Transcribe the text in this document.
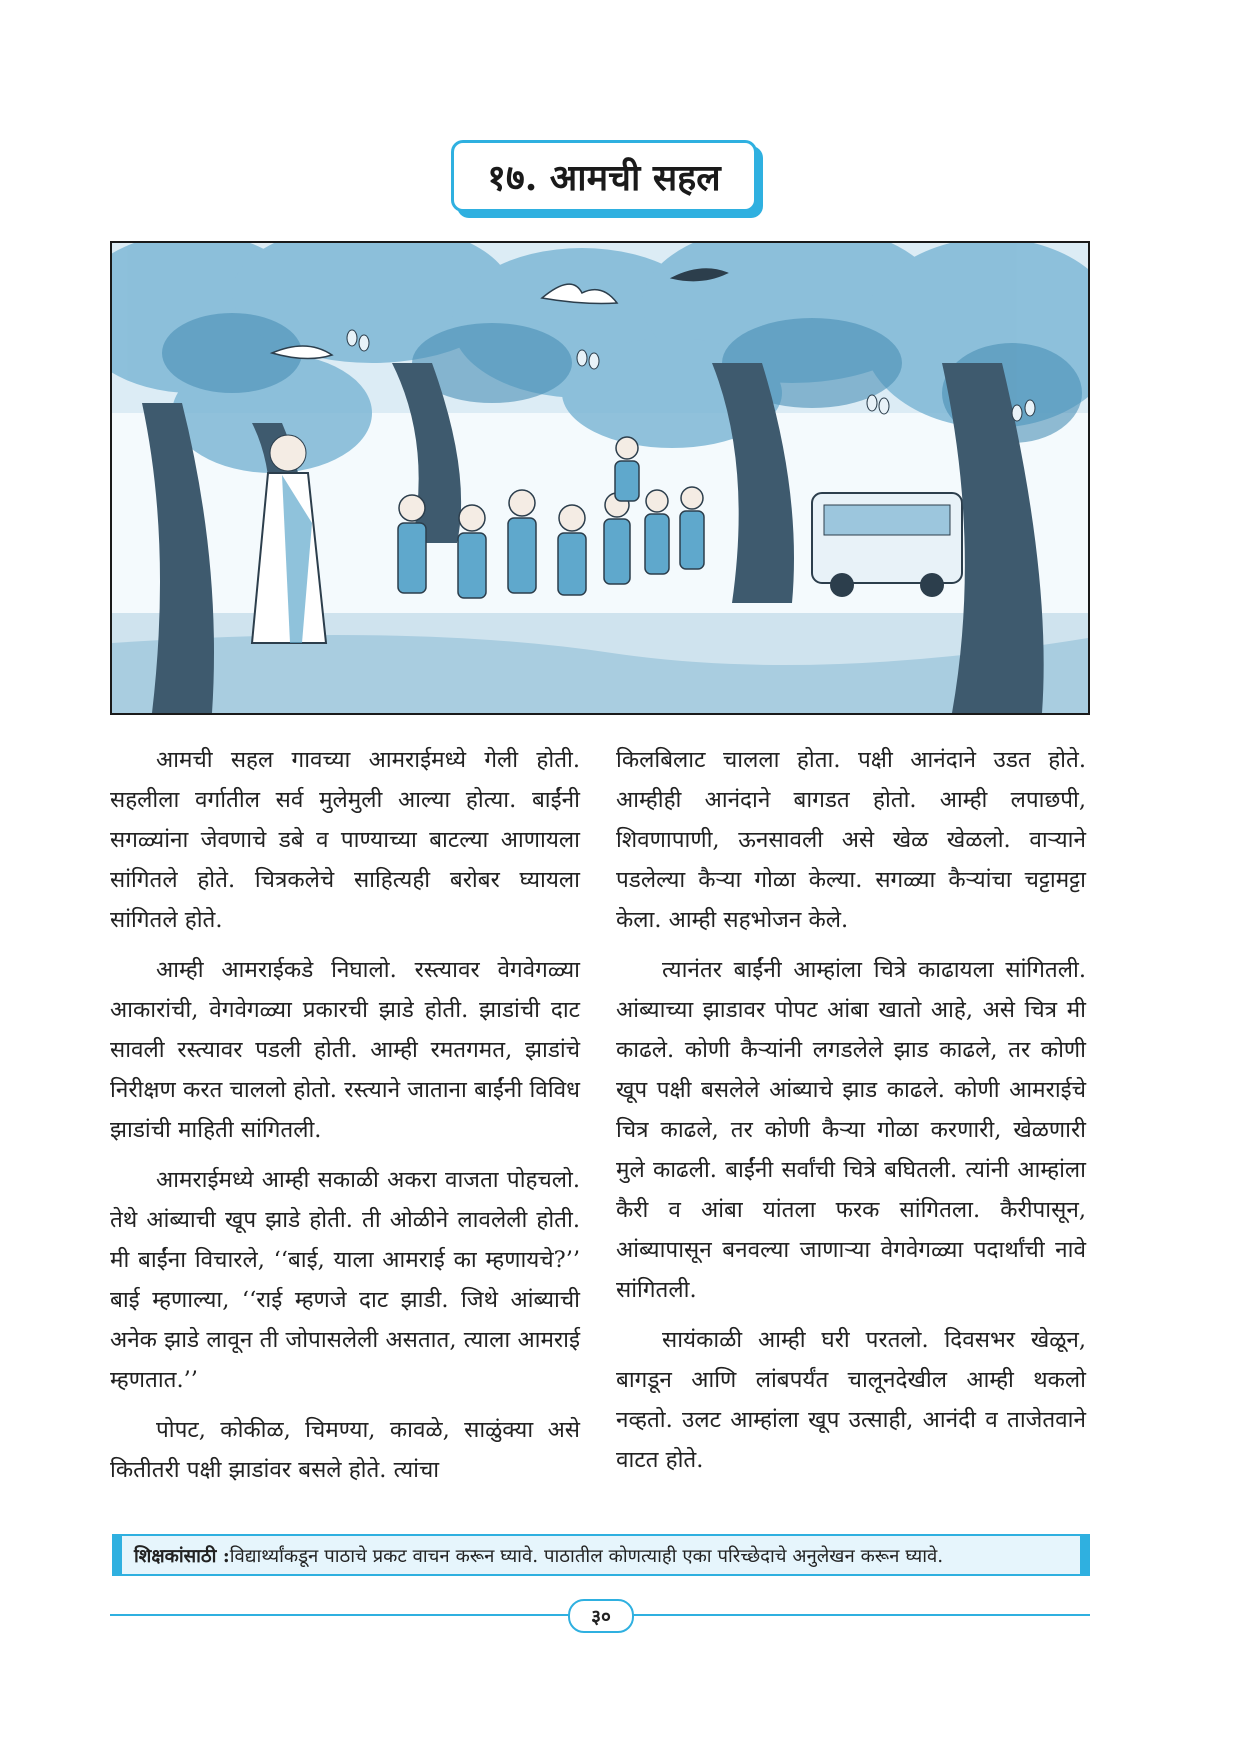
१७. आमची सहल

आमची सहल गावच्या आमराईमध्ये गेली होती. सहलीला वर्गातील सर्व मुलेमुली आल्या होत्या. बाईंनी सगळ्यांना जेवणाचे डबे व पाण्याच्या बाटल्या आणायला सांगितले होते. चित्रकलेचे साहित्यही बरोबर घ्यायला सांगितले होते.

आम्ही आमराईकडे निघालो. रस्त्यावर वेगवेगळ्या आकारांची, वेगवेगळ्या प्रकारची झाडे होती. झाडांची दाट सावली रस्त्यावर पडली होती. आम्ही रमतगमत, झाडांचे निरीक्षण करत चाललो होतो. रस्त्याने जाताना बाईंनी विविध झाडांची माहिती सांगितली.

आमराईमध्ये आम्ही सकाळी अकरा वाजता पोहचलो. तेथे आंब्याची खूप झाडे होती. ती ओळीने लावलेली होती. मी बाईंना विचारले, ‘‘बाई, याला आमराई का म्हणायचे?’’ बाई म्हणाल्या, ‘‘राई म्हणजे दाट झाडी. जिथे आंब्याची अनेक झाडे लावून ती जोपासलेली असतात, त्याला आमराई म्हणतात.’’

पोपट, कोकीळ, चिमण्या, कावळे, साळुंक्या असे कितीतरी पक्षी झाडांवर बसले होते. त्यांचा

किलबिलाट चालला होता. पक्षी आनंदाने उडत होते. आम्हीही आनंदाने बागडत होतो. आम्ही लपाछपी, शिवणापाणी, ऊनसावली असे खेळ खेळलो. वाऱ्याने पडलेल्या कैऱ्या गोळा केल्या. सगळ्या कैऱ्यांचा चट्टामट्टा केला. आम्ही सहभोजन केले.

त्यानंतर बाईंनी आम्हांला चित्रे काढायला सांगितली. आंब्याच्या झाडावर पोपट आंबा खातो आहे, असे चित्र मी काढले. कोणी कैऱ्यांनी लगडलेले झाड काढले, तर कोणी खूप पक्षी बसलेले आंब्याचे झाड काढले. कोणी आमराईचे चित्र काढले, तर कोणी कैऱ्या गोळा करणारी, खेळणारी मुले काढली. बाईंनी सर्वांची चित्रे बघितली. त्यांनी आम्हांला कैरी व आंबा यांतला फरक सांगितला. कैरीपासून, आंब्यापासून बनवल्या जाणाऱ्या वेगवेगळ्या पदार्थांची नावे सांगितली.

सायंकाळी आम्ही घरी परतलो. दिवसभर खेळून, बागडून आणि लांबपर्यंत चालूनदेखील आम्ही थकलो नव्हतो. उलट आम्हांला खूप उत्साही, आनंदी व ताजेतवाने वाटत होते.

शिक्षकांसाठी : विद्यार्थ्यांकडून पाठाचे प्रकट वाचन करून घ्यावे. पाठातील कोणत्याही एका परिच्छेदाचे अनुलेखन करून घ्यावे.
३०
